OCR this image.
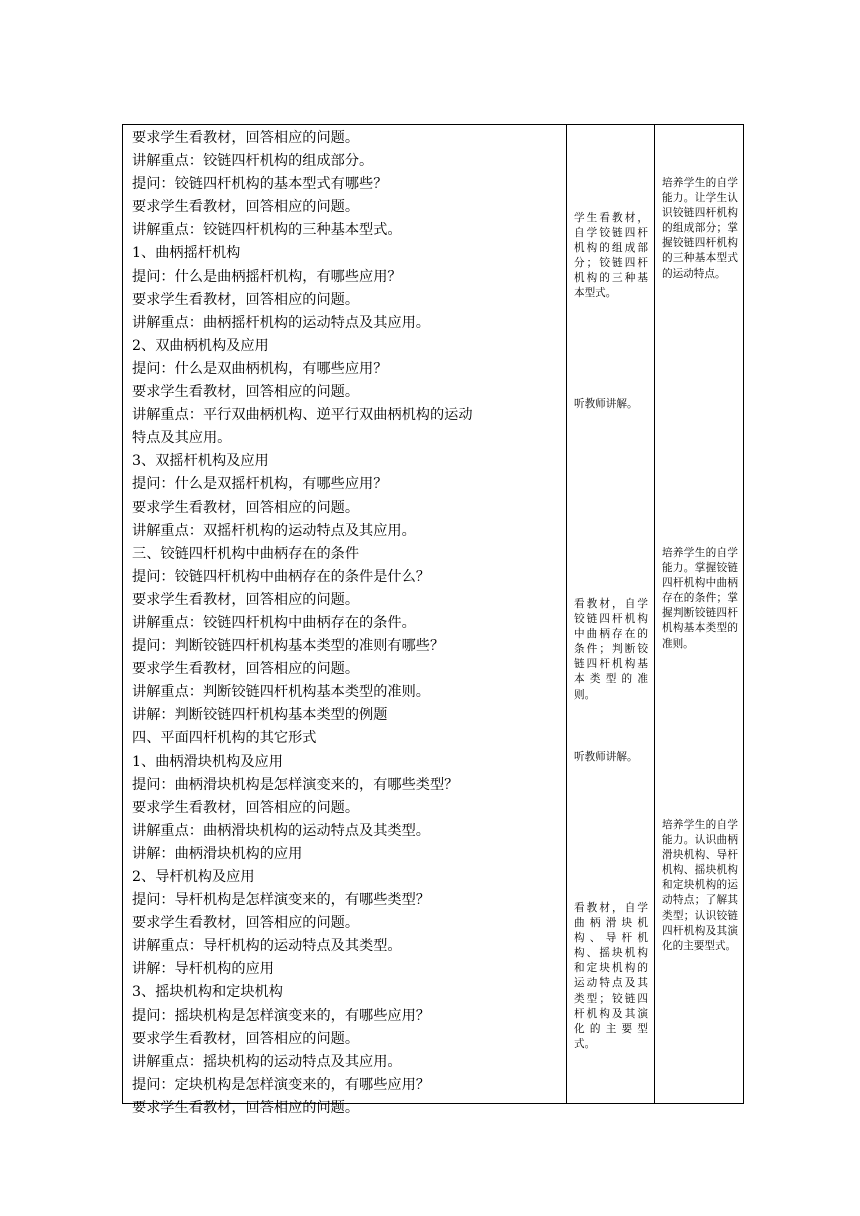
要求学生看教材，回答相应的问题。
讲解重点：铰链四杆机构的组成部分。
提问：铰链四杆机构的基本型式有哪些？
要求学生看教材，回答相应的问题。
讲解重点：铰链四杆机构的三种基本型式。
1、曲柄摇杆机构
提问：什么是曲柄摇杆机构，有哪些应用？
要求学生看教材，回答相应的问题。
讲解重点：曲柄摇杆机构的运动特点及其应用。
2、双曲柄机构及应用
提问：什么是双曲柄机构，有哪些应用？
要求学生看教材，回答相应的问题。
讲解重点：平行双曲柄机构、逆平行双曲柄机构的运动
特点及其应用。
3、双摇杆机构及应用
提问：什么是双摇杆机构，有哪些应用？
要求学生看教材，回答相应的问题。
讲解重点：双摇杆机构的运动特点及其应用。
三、铰链四杆机构中曲柄存在的条件
提问：铰链四杆机构中曲柄存在的条件是什么？
要求学生看教材，回答相应的问题。
讲解重点：铰链四杆机构中曲柄存在的条件。
提问：判断铰链四杆机构基本类型的准则有哪些？
要求学生看教材，回答相应的问题。
讲解重点：判断铰链四杆机构基本类型的准则。
讲解：判断铰链四杆机构基本类型的例题
四、平面四杆机构的其它形式
1、曲柄滑块机构及应用
提问：曲柄滑块机构是怎样演变来的，有哪些类型？
要求学生看教材，回答相应的问题。
讲解重点：曲柄滑块机构的运动特点及其类型。
讲解：曲柄滑块机构的应用
2、导杆机构及应用
提问：导杆机构是怎样演变来的，有哪些类型？
要求学生看教材，回答相应的问题。
讲解重点：导杆机构的运动特点及其类型。
讲解：导杆机构的应用
3、摇块机构和定块机构
提问：摇块机构是怎样演变来的，有哪些应用？
要求学生看教材，回答相应的问题。
讲解重点：摇块机构的运动特点及其应用。
提问：定块机构是怎样演变来的，有哪些应用？
要求学生看教材，回答相应的问题。
学生看教材，自学铰链四杆机构的组成部分；铰链四杆机构的三种基本型式。
听教师讲解。
看教材，自学铰链四杆机构中曲柄存在的条件；判断铰链四杆机构基本类型的准则。
听教师讲解。
看教材，自学曲柄滑块机构、导杆机构、摇块机构和定块机构的运动特点及其类型；铰链四杆机构及其演化的主要型式。
培养学生的自学能力。让学生认识铰链四杆机构的组成部分；掌握铰链四杆机构的三种基本型式的运动特点。
培养学生的自学能力。掌握铰链四杆机构中曲柄存在的条件；掌握判断铰链四杆机构基本类型的准则。
培养学生的自学能力。认识曲柄滑块机构、导杆机构、摇块机构和定块机构的运动特点；了解其类型；认识铰链四杆机构及其演化的主要型式。
